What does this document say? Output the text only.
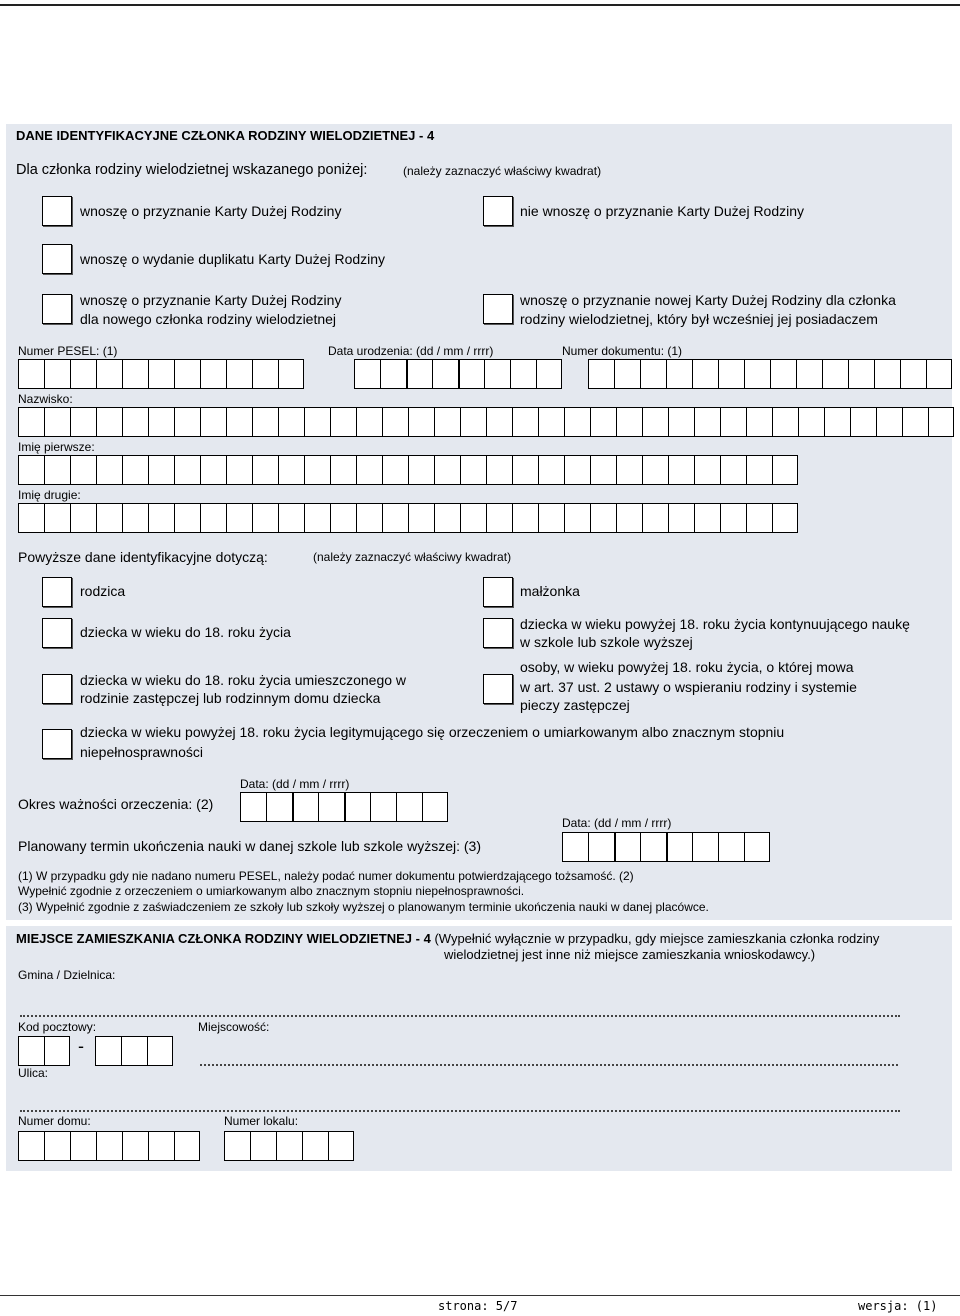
DANE IDENTYFIKACYJNE CZŁONKA RODZINY WIELODZIETNEJ - 4
Dla członka rodziny wielodzietnej wskazanego poniżej:	(należy zaznaczyć właściwy kwadrat)
wnoszę o przyznanie Karty Dużej Rodziny	nie wnoszę o przyznanie Karty Dużej Rodziny
wnoszę o wydanie duplikatu Karty Dużej Rodziny
wnoszę o przyznanie Karty Dużej Rodziny
dla nowego członka rodziny wielodzietnej
wnoszę o przyznanie nowej Karty Dużej Rodziny dla członka
rodziny wielodzietnej, który był wcześniej jej posiadaczem
Numer PESEL: (1)	Data urodzenia: (dd / mm / rrrr)	Numer dokumentu: (1)
Nazwisko:
Imię pierwsze:
Imię drugie:
Powyższe dane identyfikacyjne dotyczą:	(należy zaznaczyć właściwy kwadrat)
rodzica	małżonka
dziecka w wieku do 18. roku życia	dziecka w wieku powyżej 18. roku życia kontynuującego naukę
w szkole lub szkole wyższej
dziecka w wieku do 18. roku życia umieszczonego w
rodzinie zastępczej lub rodzinnym domu dziecka
osoby, w wieku powyżej 18. roku życia, o której mowa
w art. 37 ust. 2 ustawy o wspieraniu rodziny i systemie
pieczy zastępczej
dziecka w wieku powyżej 18. roku życia legitymującego się orzeczeniem o umiarkowanym albo znacznym stopniu
niepełnosprawności
Data: (dd / mm / rrrr)
Okres ważności orzeczenia: (2)
Data: (dd / mm / rrrr)
Planowany termin ukończenia nauki w danej szkole lub szkole wyższej: (3)
(1) W przypadku gdy nie nadano numeru PESEL, należy podać numer dokumentu potwierdzającego tożsamość. (2)
Wypełnić zgodnie z orzeczeniem o umiarkowanym albo znacznym stopniu niepełnosprawności.
(3) Wypełnić zgodnie z zaświadczeniem ze szkoły lub szkoły wyższej o planowanym terminie ukończenia nauki w danej placówce.
MIEJSCE ZAMIESZKANIA CZŁONKA RODZINY WIELODZIETNEJ - 4 (Wypełnić wyłącznie w przypadku, gdy miejsce zamieszkania członka rodziny
wielodzietnej jest inne niż miejsce zamieszkania wnioskodawcy.)
Gmina / Dzielnica:
Kod pocztowy:	Miejscowość:
-
Ulica:
Numer domu:	Numer lokalu:
strona: 5/7	wersja: (1)
